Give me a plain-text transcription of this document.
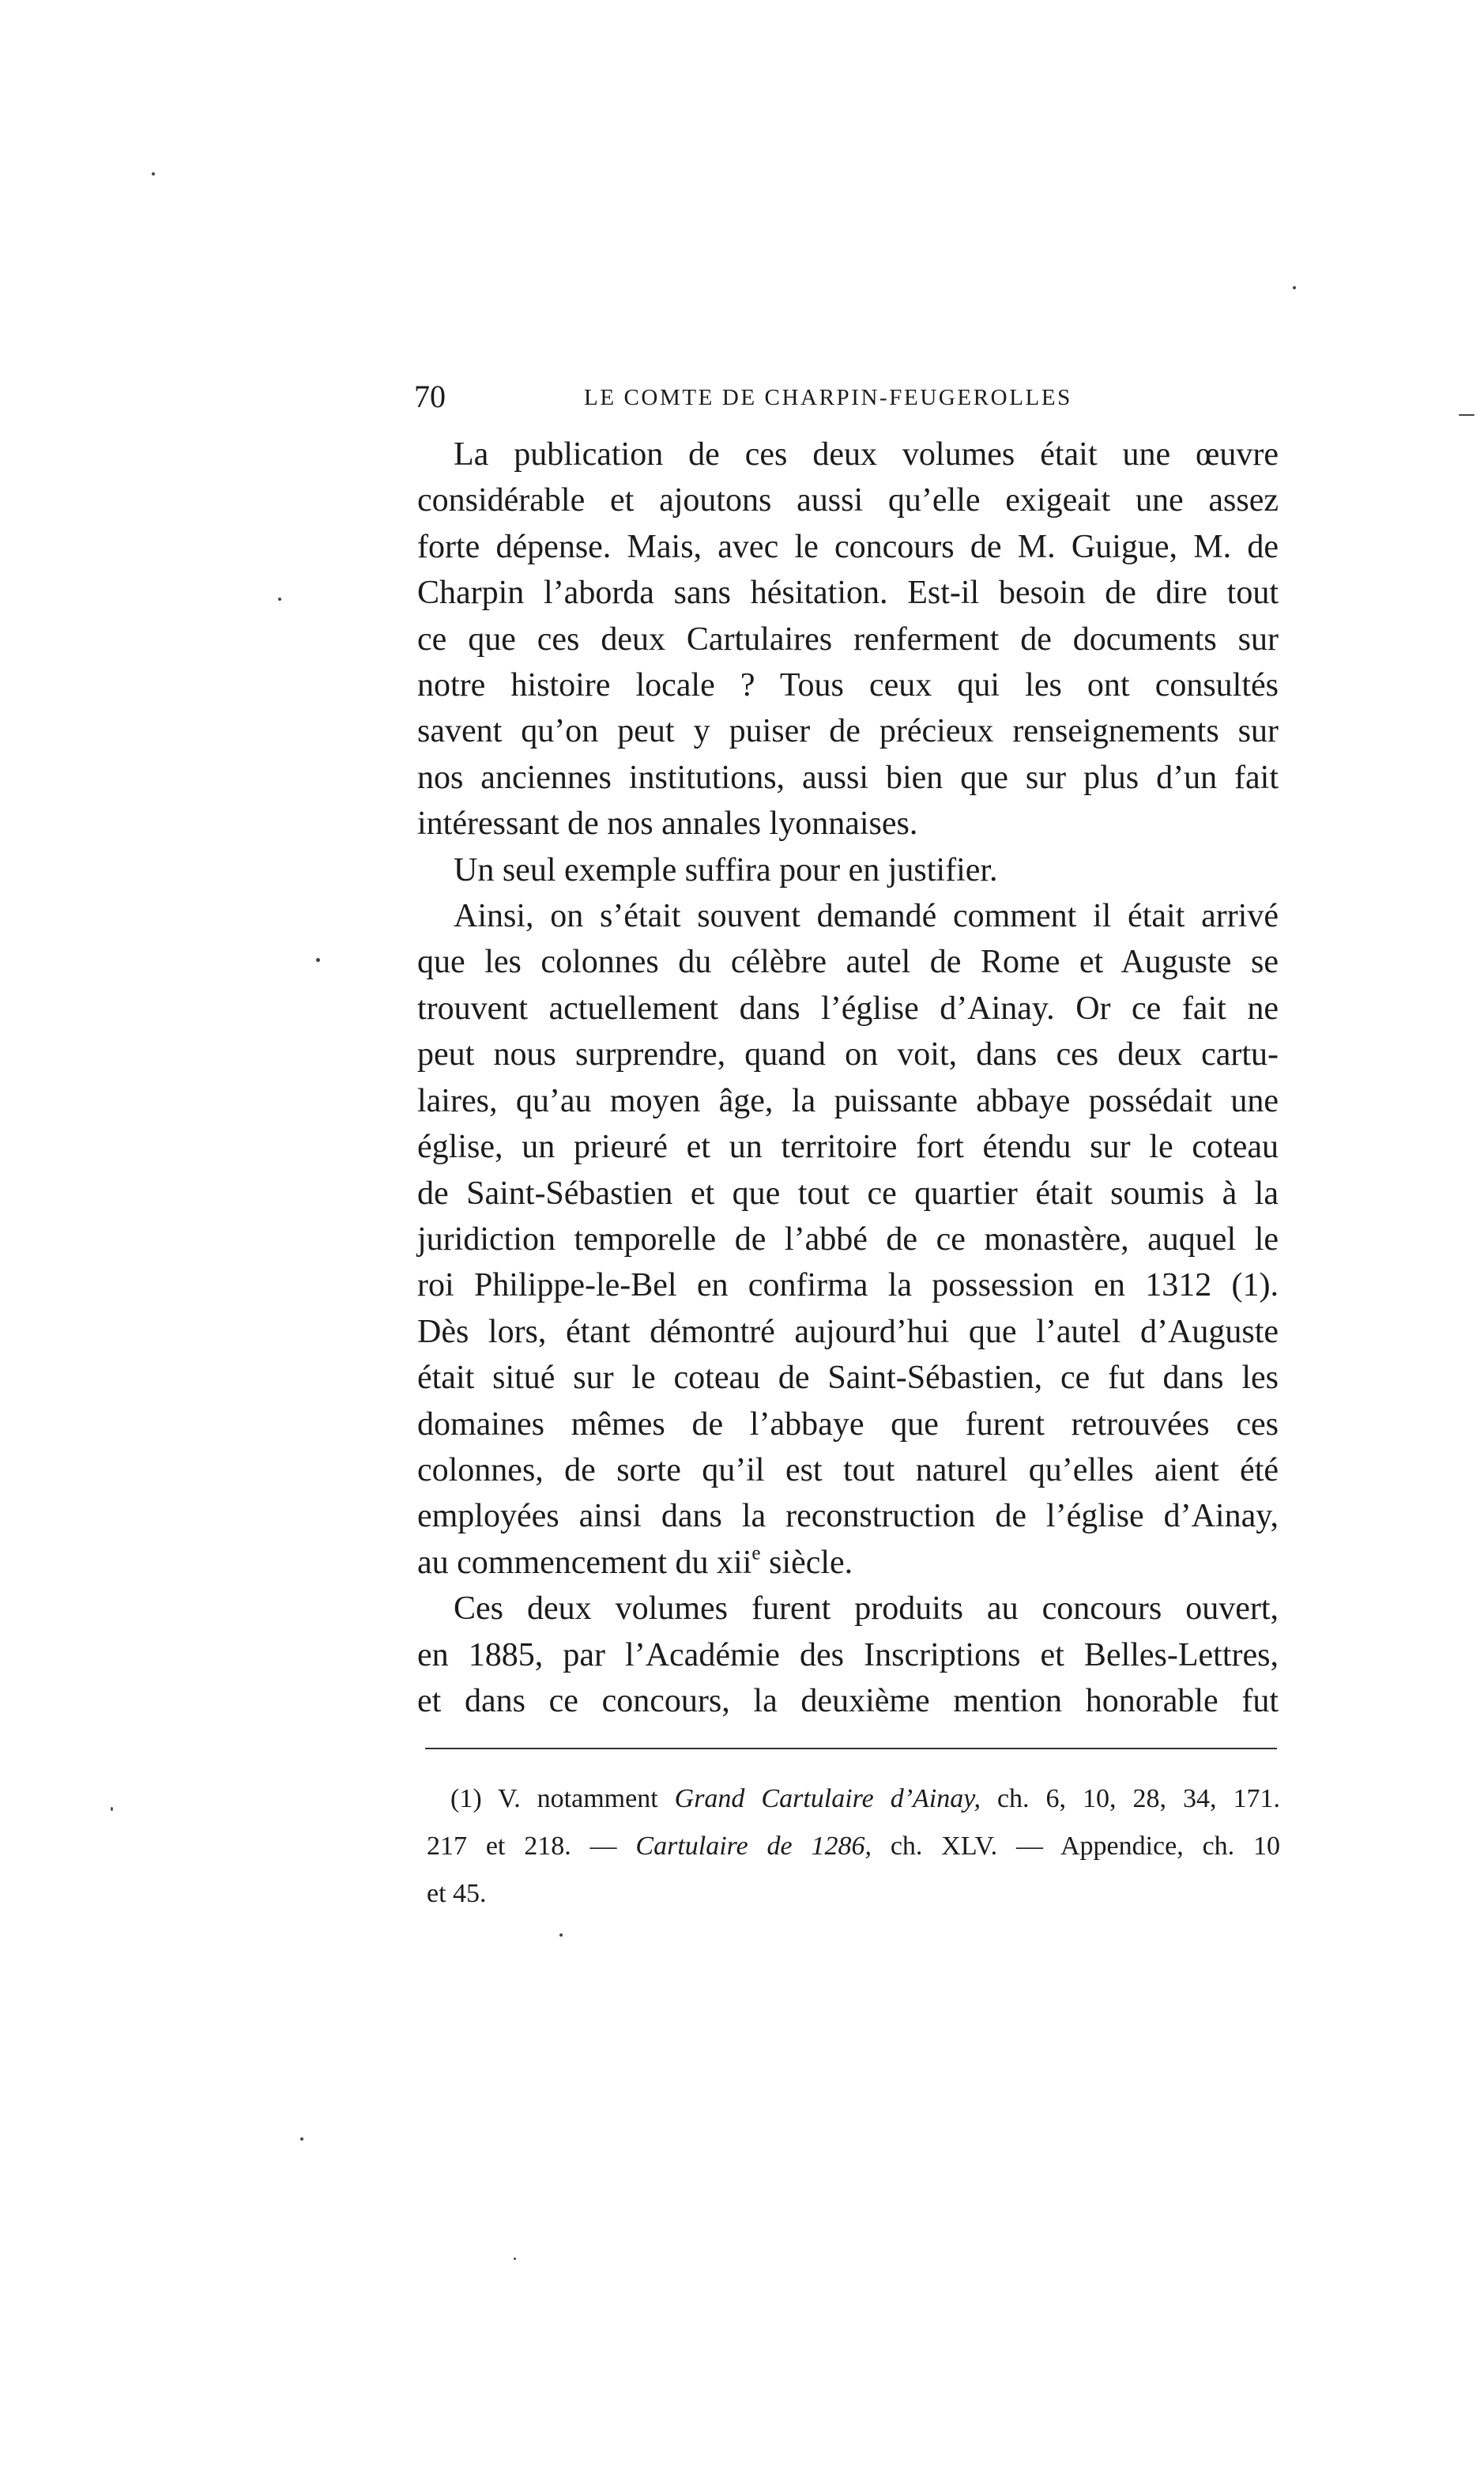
70	LE COMTE DE CHARPIN-FEUGEROLLES
La publication de ces deux volumes était une œuvre
considérable et ajoutons aussi qu’elle exigeait une assez
forte dépense. Mais, avec le concours de M. Guigue, M. de
Charpin l’aborda sans hésitation. Est-il besoin de dire tout
ce que ces deux Cartulaires renferment de documents sur
notre histoire locale ? Tous ceux qui les ont consultés
savent qu’on peut y puiser de précieux renseignements sur
nos anciennes institutions, aussi bien que sur plus d’un fait
intéressant de nos annales lyonnaises.
Un seul exemple suffira pour en justifier.
Ainsi, on s’était souvent demandé comment il était arrivé
que les colonnes du célèbre autel de Rome et Auguste se
trouvent actuellement dans l’église d’Ainay. Or ce fait ne
peut nous surprendre, quand on voit, dans ces deux cartu-
laires, qu’au moyen âge, la puissante abbaye possédait une
église, un prieuré et un territoire fort étendu sur le coteau
de Saint-Sébastien et que tout ce quartier était soumis à la
juridiction temporelle de l’abbé de ce monastère, auquel le
roi Philippe-le-Bel en confirma la possession en 1312 (1).
Dès lors, étant démontré aujourd’hui que l’autel d’Auguste
était situé sur le coteau de Saint-Sébastien, ce fut dans les
domaines mêmes de l’abbaye que furent retrouvées ces
colonnes, de sorte qu’il est tout naturel qu’elles aient été
employées ainsi dans la reconstruction de l’église d’Ainay,
au commencement du xii$^e$ siècle.
Ces deux volumes furent produits au concours ouvert,
en 1885, par l’Académie des Inscriptions et Belles-Lettres,
et dans ce concours, la deuxième mention honorable fut
(1) V. notamment Grand Cartulaire d’Ainay, ch. 6, 10, 28, 34, 171.
217 et 218. — Cartulaire de 1286, ch. XLV. — Appendice, ch. 10
et 45.
